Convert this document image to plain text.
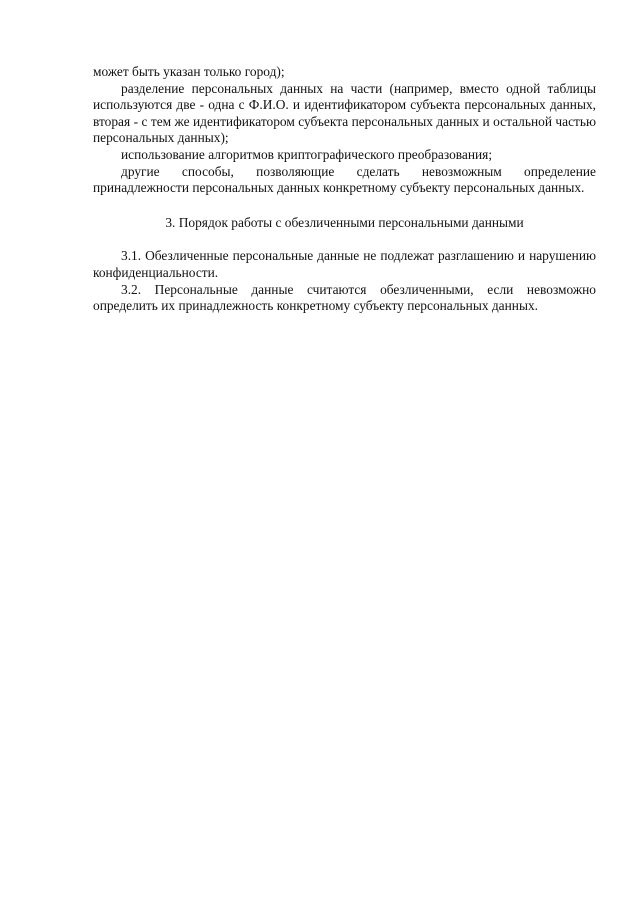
может быть указан только город);

разделение персональных данных на части (например, вместо одной таблицы используются две - одна с Ф.И.О. и идентификатором субъекта персональных данных, вторая - с тем же идентификатором субъекта персональных данных и остальной частью персональных данных);

использование алгоритмов криптографического преобразования;

другие способы, позволяющие сделать невозможным определение принадлежности персональных данных конкретному субъекту персональных данных.

3. Порядок работы с обезличенными персональными данными

3.1. Обезличенные персональные данные не подлежат разглашению и нарушению конфиденциальности.

3.2. Персональные данные считаются обезличенными, если невозможно определить их принадлежность конкретному субъекту персональных данных.
